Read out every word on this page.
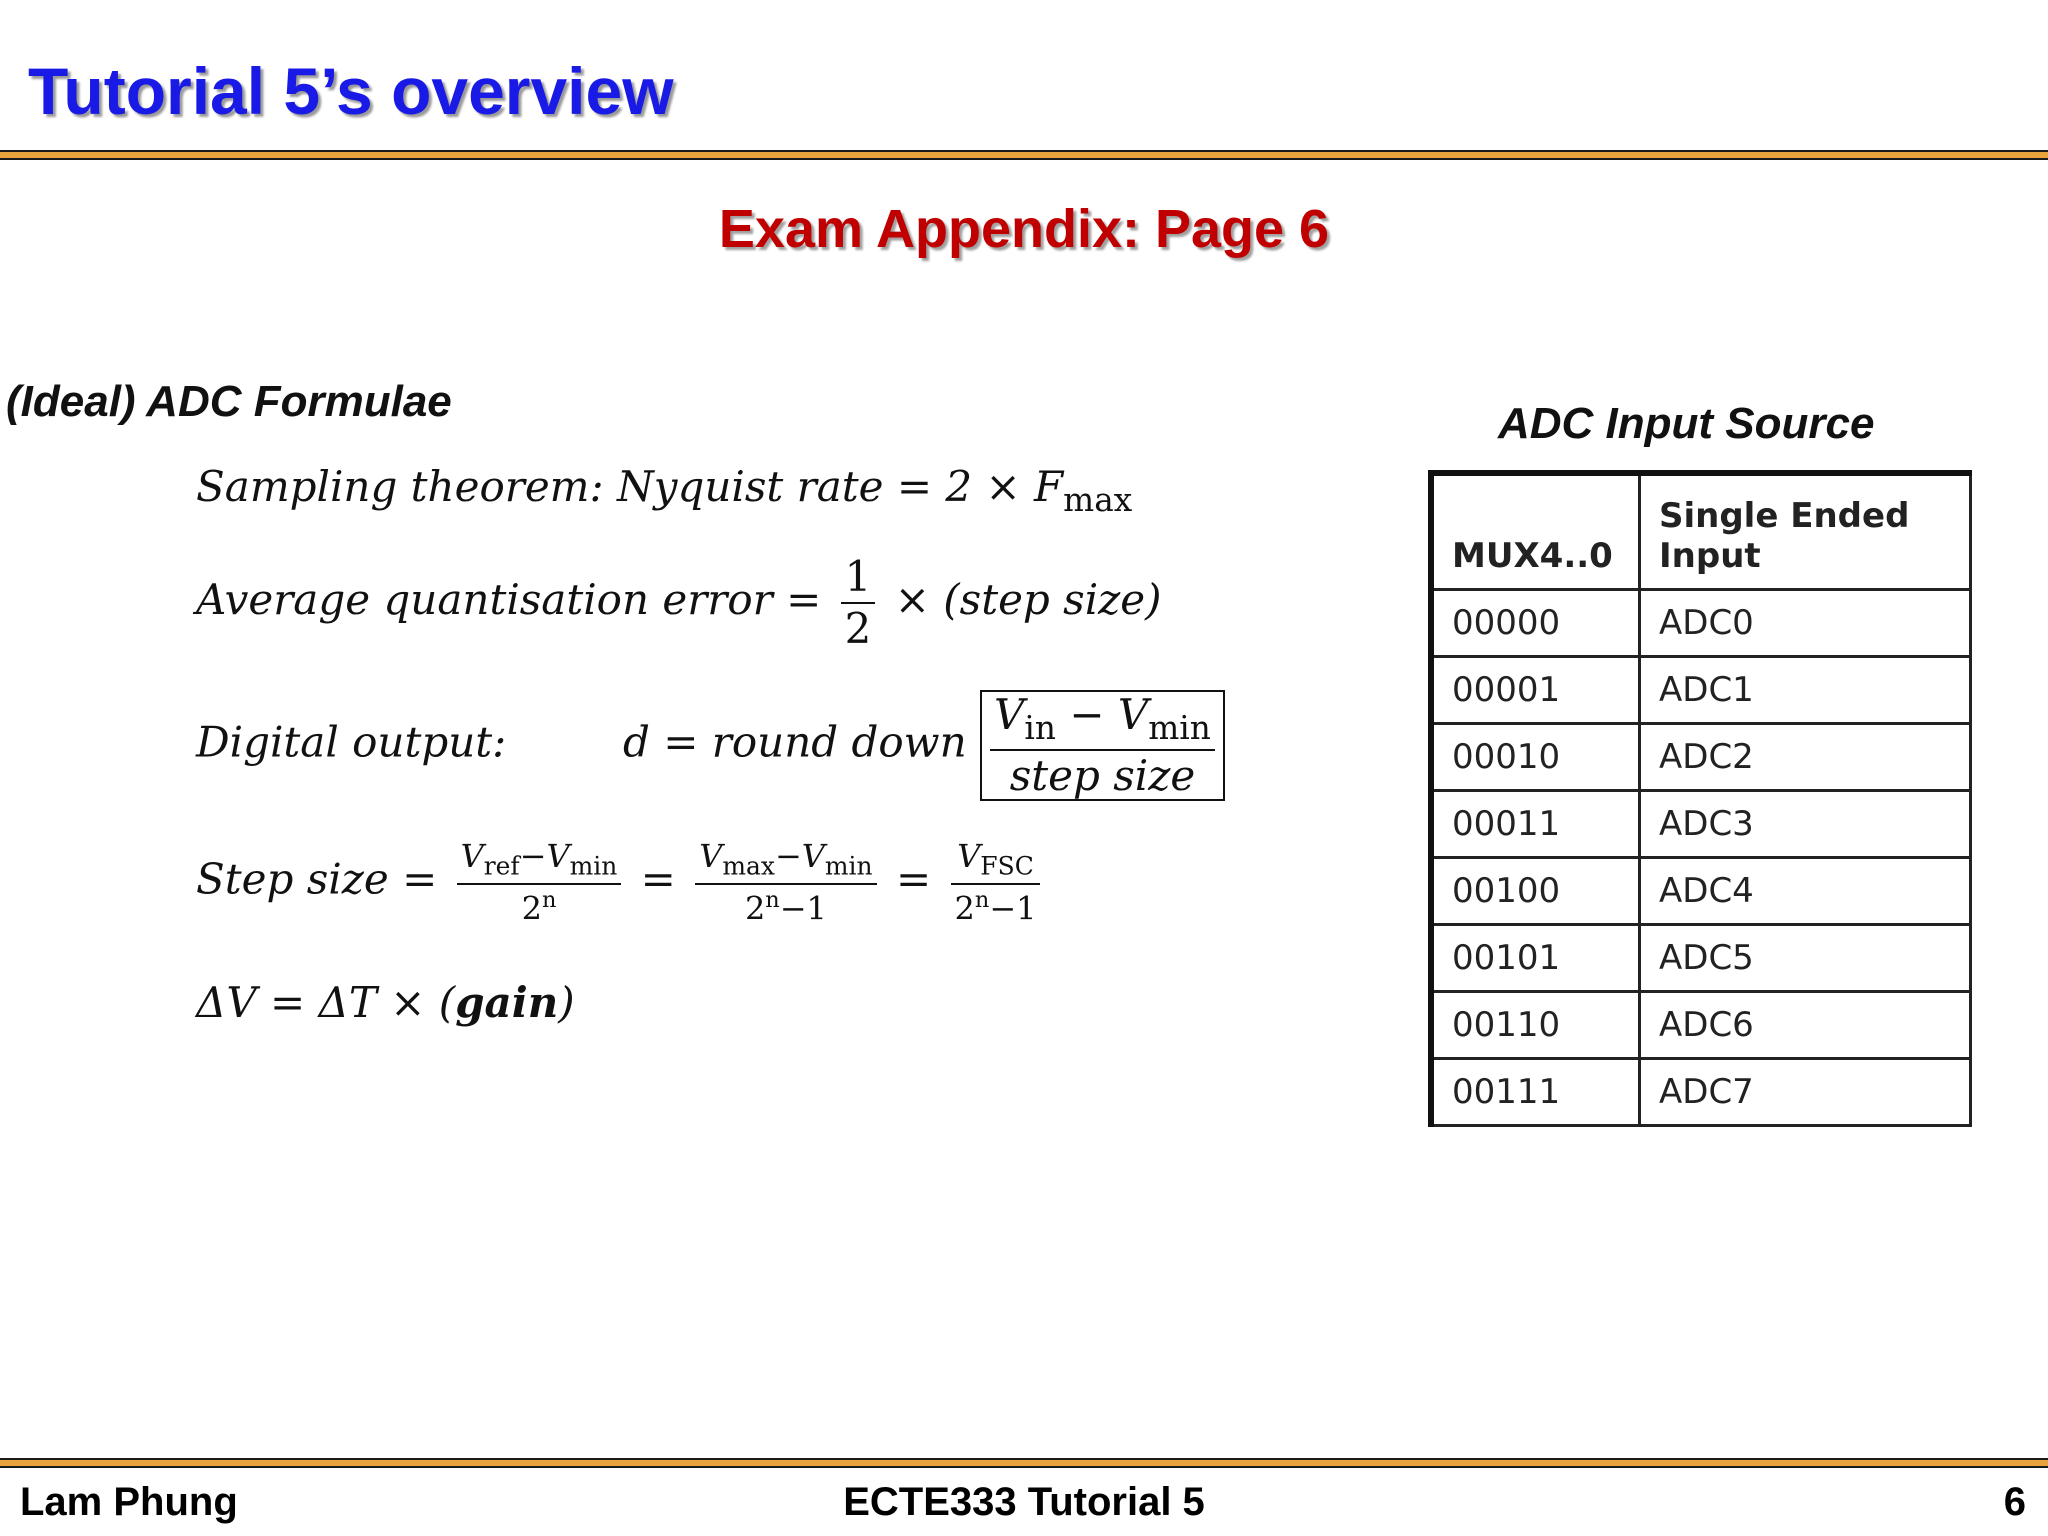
Tutorial 5’s overview
Exam Appendix: Page 6
(Ideal) ADC Formulae
Sampling theorem: Nyquist rate = $2 \times F_{max}$
Average quantisation error = $\frac{1}{2}$ × (step size)
Digital output:	d = round down $\frac{V_{in} - V_{min}}{\text{step size}}$
Step size = $\frac{V_{ref}-V_{min}}{2^n} = \frac{V_{max}-V_{min}}{2^n-1} = \frac{V_{FSC}}{2^n-1}$
ΔV = ΔT × (gain)
ADC Input Source
MUX4..0	Single Ended Input
00000	ADC0
00001	ADC1
00010	ADC2
00011	ADC3
00100	ADC4
00101	ADC5
00110	ADC6
00111	ADC7
Lam Phung	ECTE333 Tutorial 5	6
